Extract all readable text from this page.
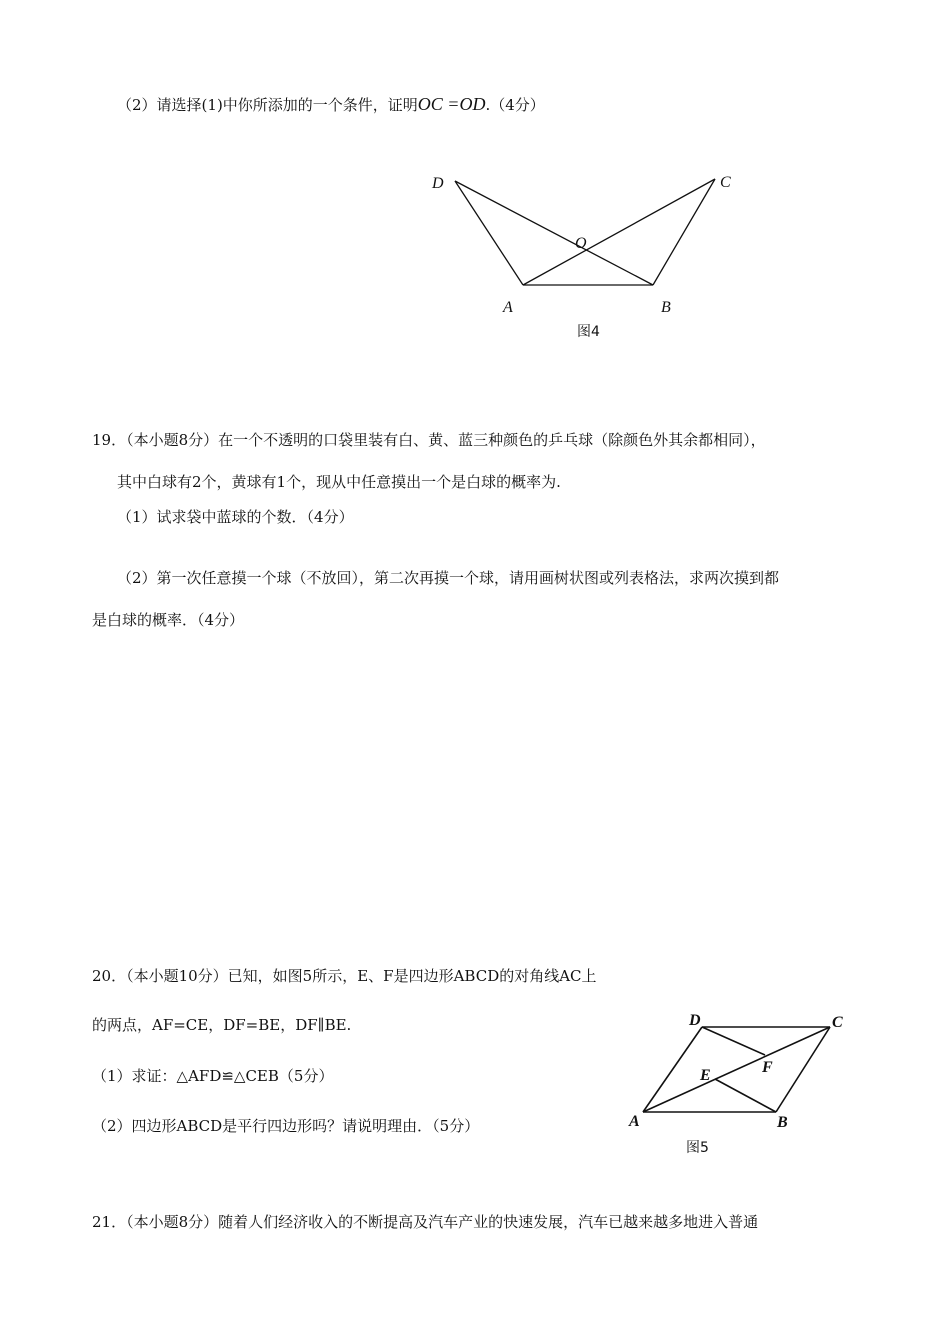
（2）请选择(1)中你所添加的一个条件，证明OC =OD.（4分）
D	C
O
A	B
图4
D	C
E	F
A	B
图5
19．（本小题8分）在一个不透明的口袋里装有白、黄、蓝三种颜色的乒乓球（除颜色外其余都相同），
其中白球有2个，黄球有1个，现从中任意摸出一个是白球的概率为.
（1）试求袋中蓝球的个数．（4分）
（2）第一次任意摸一个球（不放回），第二次再摸一个球，请用画树状图或列表格法，求两次摸到都
是白球的概率．（4分）
20．（本小题10分）已知，如图5所示，E、F是四边形ABCD的对角线AC上
的两点，AF=CE，DF=BE，DF∥BE.
（1）求证：△AFD≌△CEB（5分）
（2）四边形ABCD是平行四边形吗？请说明理由．（5分）
21．（本小题8分）随着人们经济收入的不断提高及汽车产业的快速发展，汽车已越来越多地进入普通
